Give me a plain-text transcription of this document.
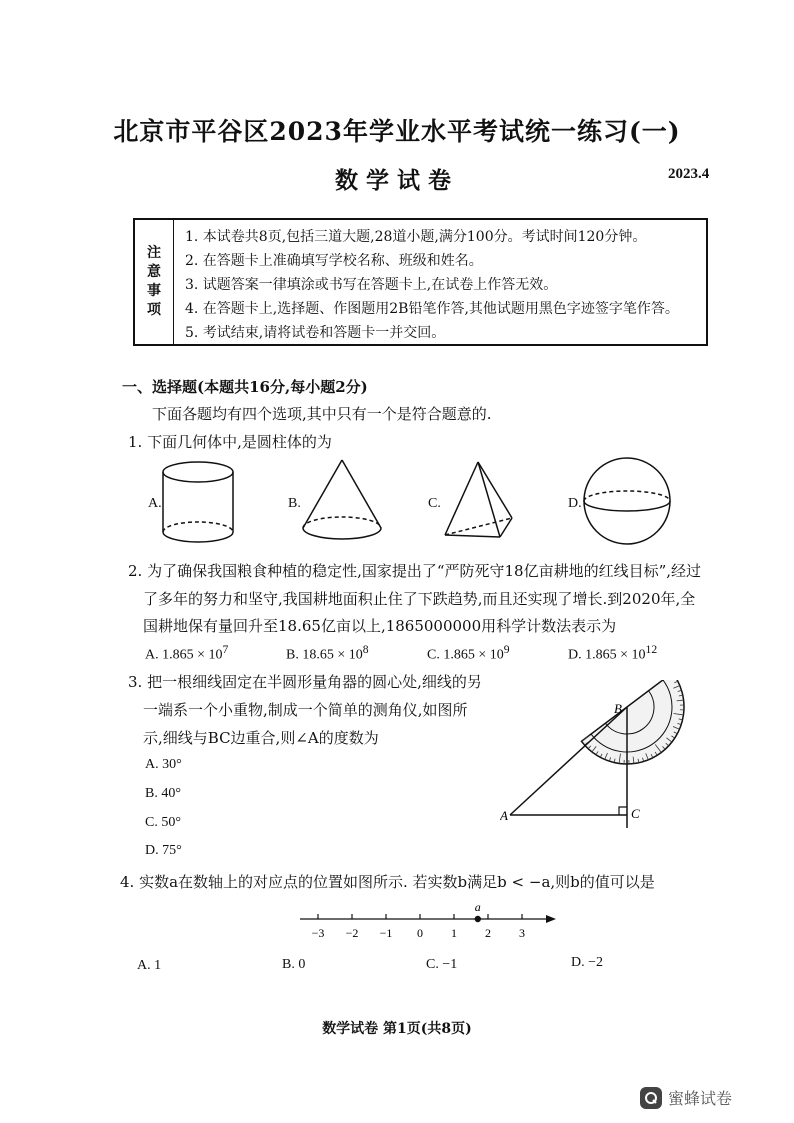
北京市平谷区2023年学业水平考试统一练习(一)
数学试卷	2023.4
注
意
事
项
1. 本试卷共8页,包括三道大题,28道小题,满分100分。考试时间120分钟。
2. 在答题卡上准确填写学校名称、班级和姓名。
3. 试题答案一律填涂或书写在答题卡上,在试卷上作答无效。
4. 在答题卡上,选择题、作图题用2B铅笔作答,其他试题用黑色字迹签字笔作答。
5. 考试结束,请将试卷和答题卡一并交回。
一、选择题(本题共16分,每小题2分)
下面各题均有四个选项,其中只有一个是符合题意的.
1. 下面几何体中,是圆柱体的为
A.	B.	C.	D.
2. 为了确保我国粮食种植的稳定性,国家提出了“严防死守18亿亩耕地的红线目标”,经过
了多年的努力和坚守,我国耕地面积止住了下跌趋势,而且还实现了增长.到2020年,全
国耕地保有量回升至18.65亿亩以上,1865000000用科学计数法表示为
A. $1.865 \times 10^7$	B. $18.65 \times 10^8$	C. $1.865 \times 10^9$	D. $1.865 \times 10^{12}$
3. 把一根细线固定在半圆形量角器的圆心处,细线的另
一端系一个小重物,制成一个简单的测角仪,如图所
示,细线与BC边重合,则∠A的度数为
A. 30°
B. 40°
C. 50°
D. 75°
B
A	C
4. 实数a在数轴上的对应点的位置如图所示. 若实数b满足b < −a,则b的值可以是
−3 −2 −1 0 1 2 3
a
A. 1	B. 0	C. −1	D. −2
数学试卷 第1页(共8页)
蜜蜂试卷
